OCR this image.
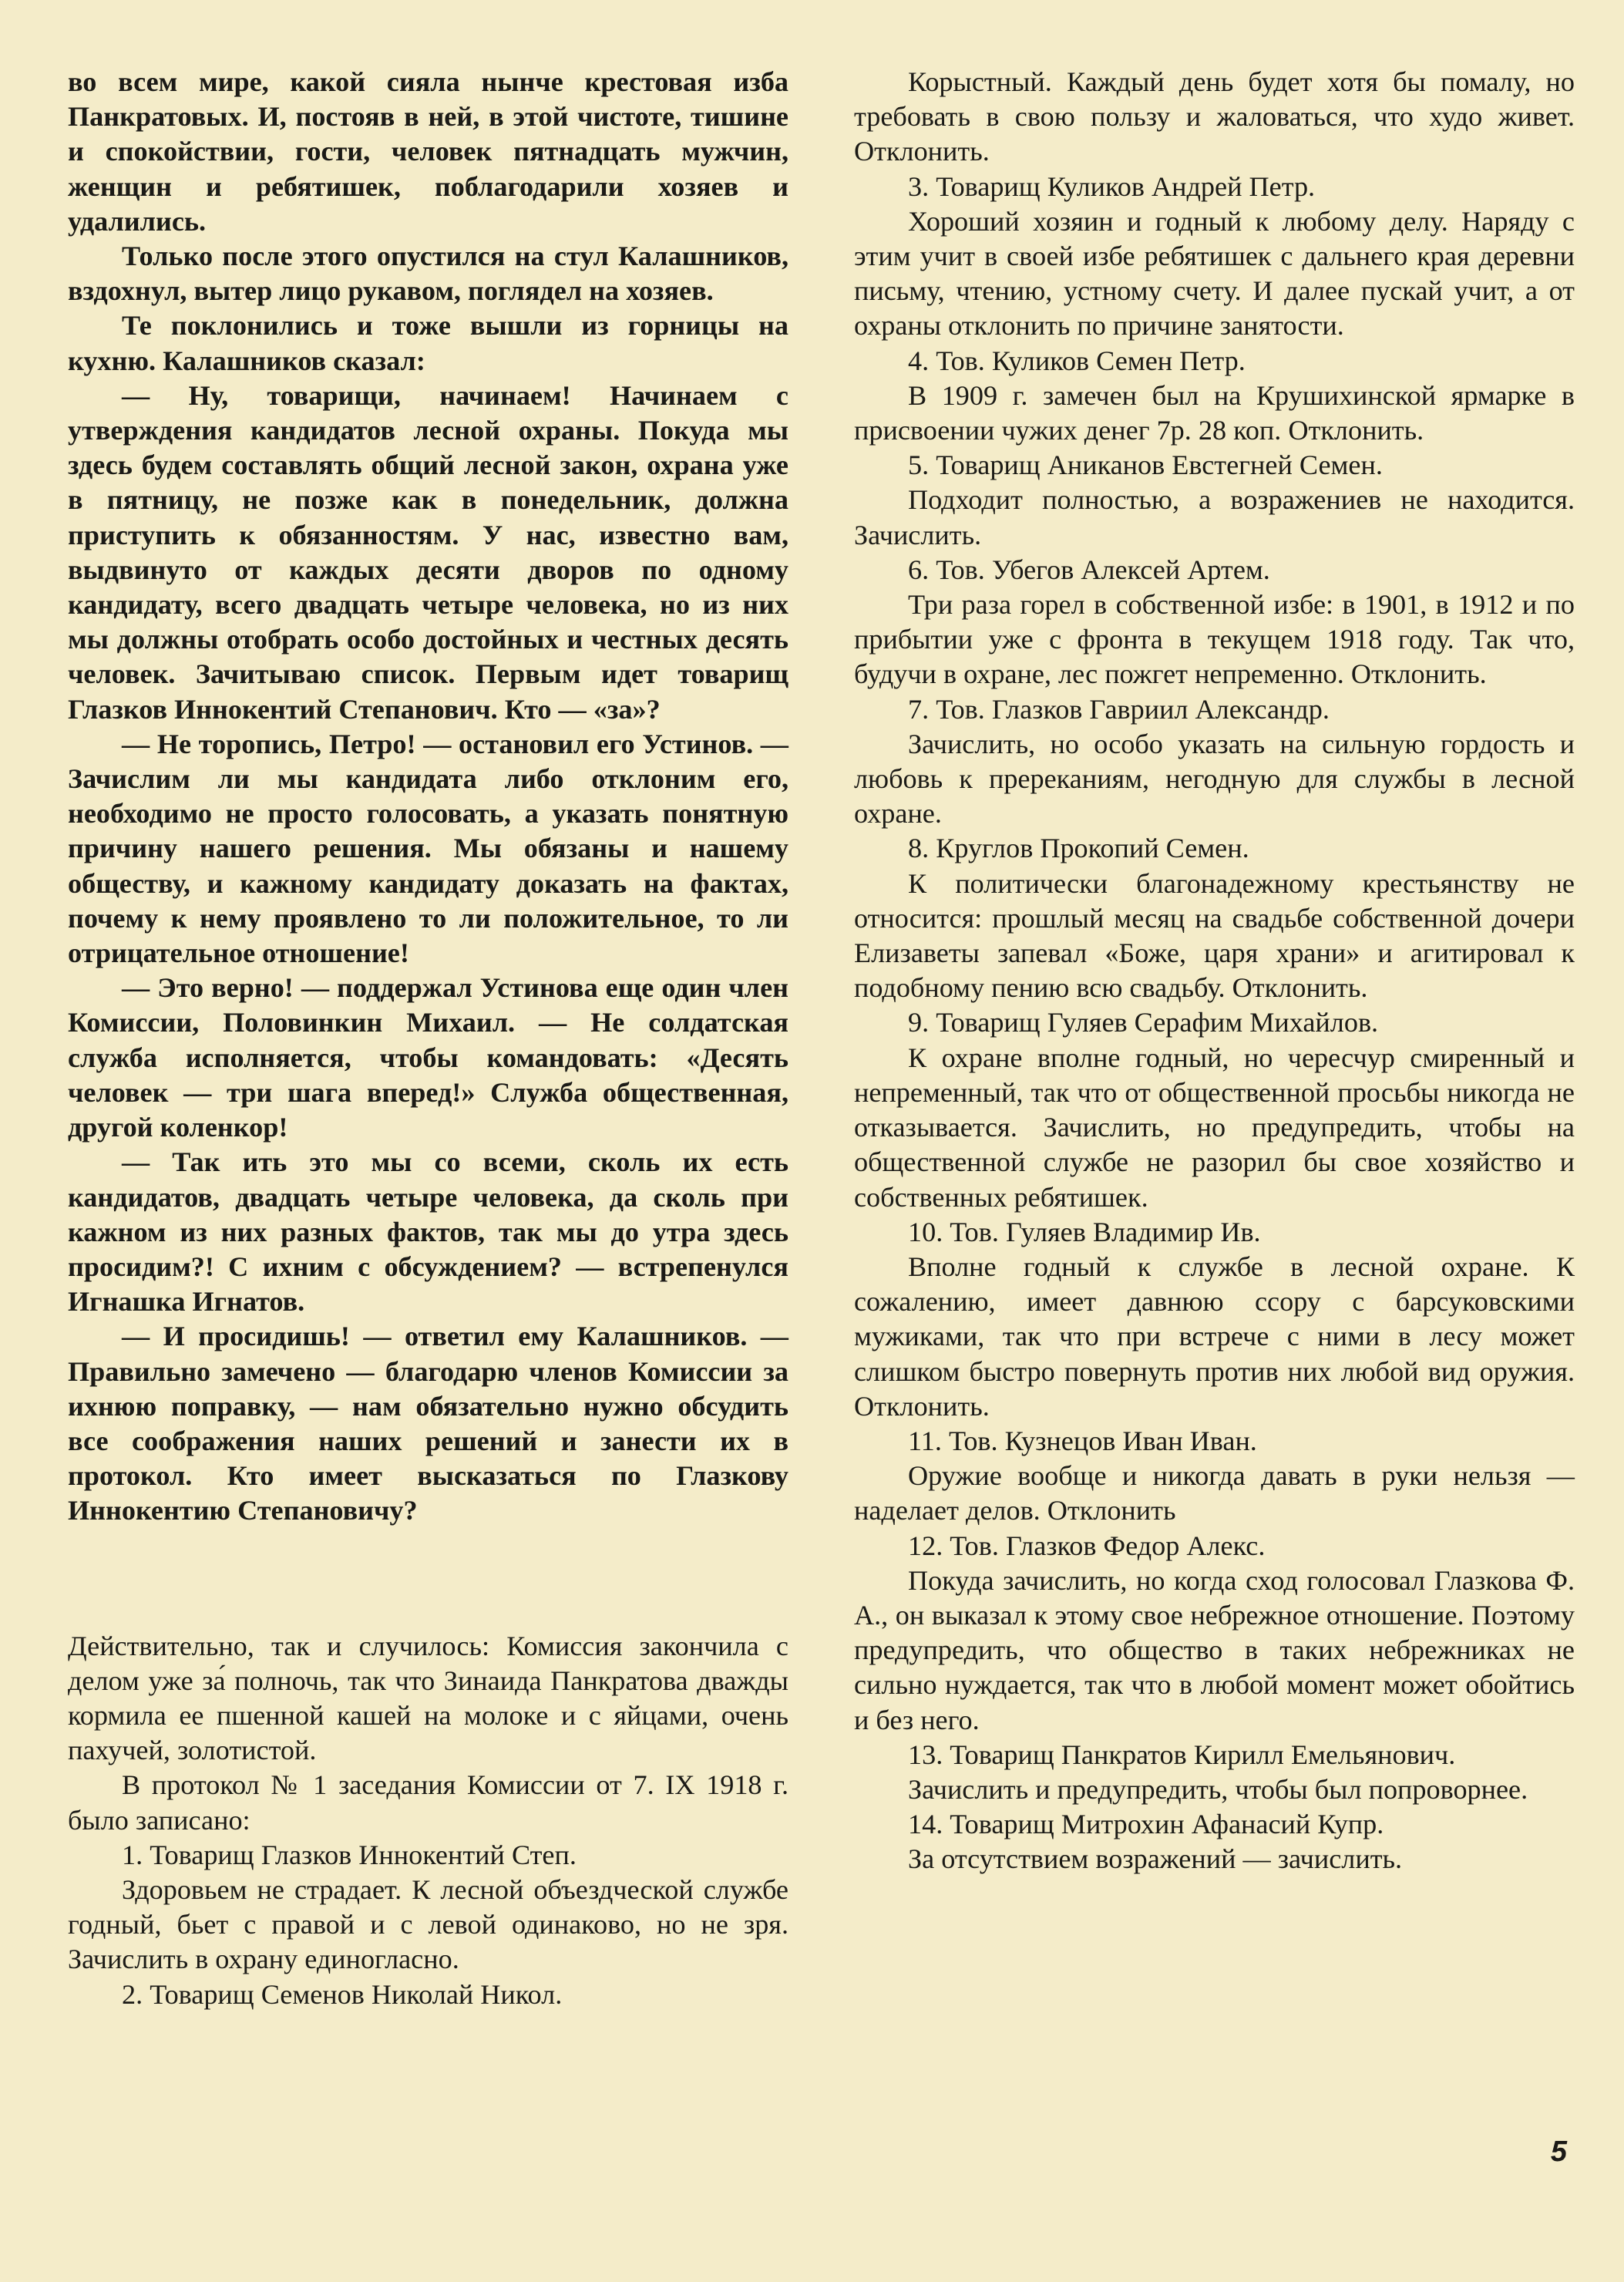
во всем мире, какой сияла нынче крестовая изба Панкратовых. И, постояв в ней, в этой чистоте, тишине и спокойствии, гости, человек пятнадцать мужчин, женщин и ребятишек, поблагодарили хозяев и удалились.

Только после этого опустился на стул Калашников, вздохнул, вытер лицо рукавом, поглядел на хозяев.

Те поклонились и тоже вышли из горницы на кухню. Калашников сказал:

— Ну, товарищи, начинаем! Начинаем с утверждения кандидатов лесной охраны. Покуда мы здесь будем составлять общий лесной закон, охрана уже в пятницу, не позже как в понедельник, должна приступить к обязанностям. У нас, известно вам, выдвинуто от каждых десяти дворов по одному кандидату, всего двадцать четыре человека, но из них мы должны отобрать особо достойных и честных десять человек. Зачитываю список. Первым идет товарищ Глазков Иннокентий Степанович. Кто — «за»?

— Не торопись, Петро! — остановил его Устинов. — Зачислим ли мы кандидата либо отклоним его, необходимо не просто голосовать, а указать понятную причину нашего решения. Мы обязаны и нашему обществу, и кажному кандидату доказать на фактах, почему к нему проявлено то ли положительное, то ли отрицательное отношение!

— Это верно! — поддержал Устинова еще один член Комиссии, Половинкин Михаил. — Не солдатская служба исполняется, чтобы командовать: «Десять человек — три шага вперед!» Служба общественная, другой коленкор!

— Так ить это мы со всеми, сколь их есть кандидатов, двадцать четыре человека, да сколь при кажном из них разных фактов, так мы до утра здесь просидим?! С ихним с обсуждением? — встрепенулся Игнашка Игнатов.

— И просидишь! — ответил ему Калашников. — Правильно замечено — благодарю членов Комиссии за ихнюю поправку, — нам обязательно нужно обсудить все соображения наших решений и занести их в протокол. Кто имеет высказаться по Глазкову Иннокентию Степановичу?

Действительно, так и случилось: Комиссия закончила с делом уже за́ полночь, так что Зинаида Панкратова дважды кормила ее пшенной кашей на молоке и с яйцами, очень пахучей, золотистой.

В протокол № 1 заседания Комиссии от 7. IX 1918 г. было записано:

1. Товарищ Глазков Иннокентий Степ.

Здоровьем не страдает. К лесной объездческой службе годный, бьет с правой и с левой одинаково, но не зря. Зачислить в охрану единогласно.

2. Товарищ Семенов Николай Никол.

Корыстный. Каждый день будет хотя бы помалу, но требовать в свою пользу и жаловаться, что худо живет. Отклонить.

3. Товарищ Куликов Андрей Петр.

Хороший хозяин и годный к любому делу. Наряду с этим учит в своей избе ребятишек с дальнего края деревни письму, чтению, устному счету. И далее пускай учит, а от охраны отклонить по причине занятости.

4. Тов. Куликов Семен Петр.

В 1909 г. замечен был на Крушихинской ярмарке в присвоении чужих денег 7р. 28 коп. Отклонить.

5. Товарищ Аниканов Евстегней Семен.

Подходит полностью, а возражениев не находится. Зачислить.

6. Тов. Убегов Алексей Артем.

Три раза горел в собственной избе: в 1901, в 1912 и по прибытии уже с фронта в текущем 1918 году. Так что, будучи в охране, лес пожгет непременно. Отклонить.

7. Тов. Глазков Гавриил Александр.

Зачислить, но особо указать на сильную гордость и любовь к пререканиям, негодную для службы в лесной охране.

8. Круглов Прокопий Семен.

К политически благонадежному крестьянству не относится: прошлый месяц на свадьбе собственной дочери Елизаветы запевал «Боже, царя храни» и агитировал к подобному пению всю свадьбу. Отклонить.

9. Товарищ Гуляев Серафим Михайлов.

К охране вполне годный, но чересчур смиренный и непременный, так что от общественной просьбы никогда не отказывается. Зачислить, но предупредить, чтобы на общественной службе не разорил бы свое хозяйство и собственных ребятишек.

10. Тов. Гуляев Владимир Ив.

Вполне годный к службе в лесной охране. К сожалению, имеет давнюю ссору с барсуковскими мужиками, так что при встрече с ними в лесу может слишком быстро повернуть против них любой вид оружия. Отклонить.

11. Тов. Кузнецов Иван Иван.

Оружие вообще и никогда давать в руки нельзя — наделает делов. Отклонить

12. Тов. Глазков Федор Алекс.

Покуда зачислить, но когда сход голосовал Глазкова Ф. А., он выказал к этому свое небрежное отношение. Поэтому предупредить, что общество в таких небрежниках не сильно нуждается, так что в любой момент может обойтись и без него.

13. Товарищ Панкратов Кирилл Емельянович.

Зачислить и предупредить, чтобы был попроворнее.

14. Товарищ Митрохин Афанасий Купр.

За отсутствием возражений — зачислить.

5
